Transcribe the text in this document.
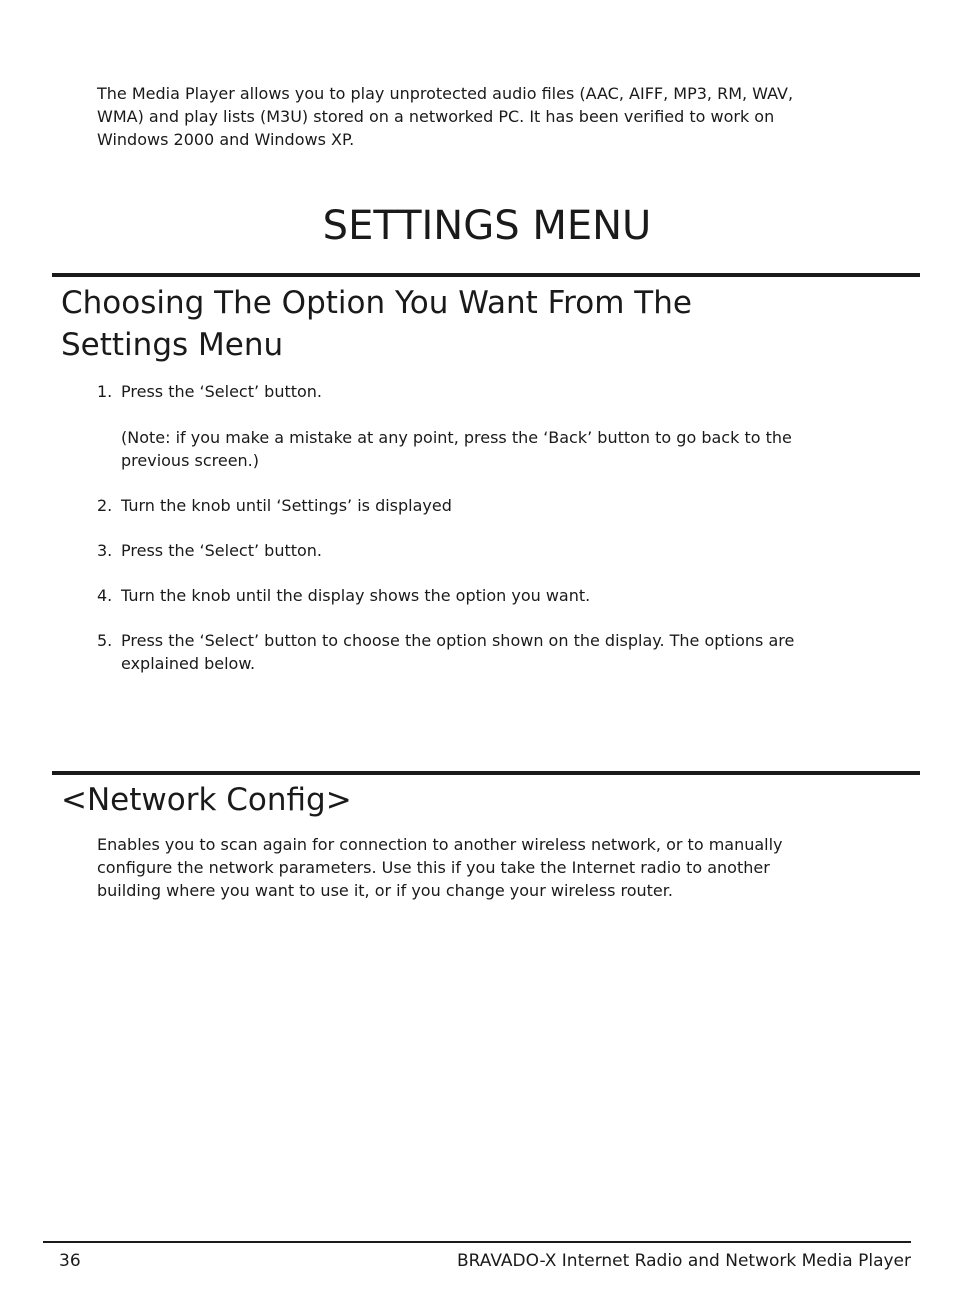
The Media Player allows you to play unprotected audio files (AAC, AIFF, MP3, RM, WAV, WMA) and play lists (M3U) stored on a networked PC. It has been verified to work on Windows 2000 and Windows XP.

SETTINGS MENU
Choosing The Option You Want From The Settings Menu
1. Press the ‘Select’ button.
(Note: if you make a mistake at any point, press the ‘Back’ button to go back to the previous screen.)
2. Turn the knob until ‘Settings’ is displayed
3. Press the ‘Select’ button.
4. Turn the knob until the display shows the option you want.
5. Press the ‘Select’ button to choose the option shown on the display. The options are explained below.
<Network Config>

Enables you to scan again for connection to another wireless network, or to manually configure the network parameters. Use this if you take the Internet radio to another building where you want to use it, or if you change your wireless router.

36	BRAVADO-X Internet Radio and Network Media Player
